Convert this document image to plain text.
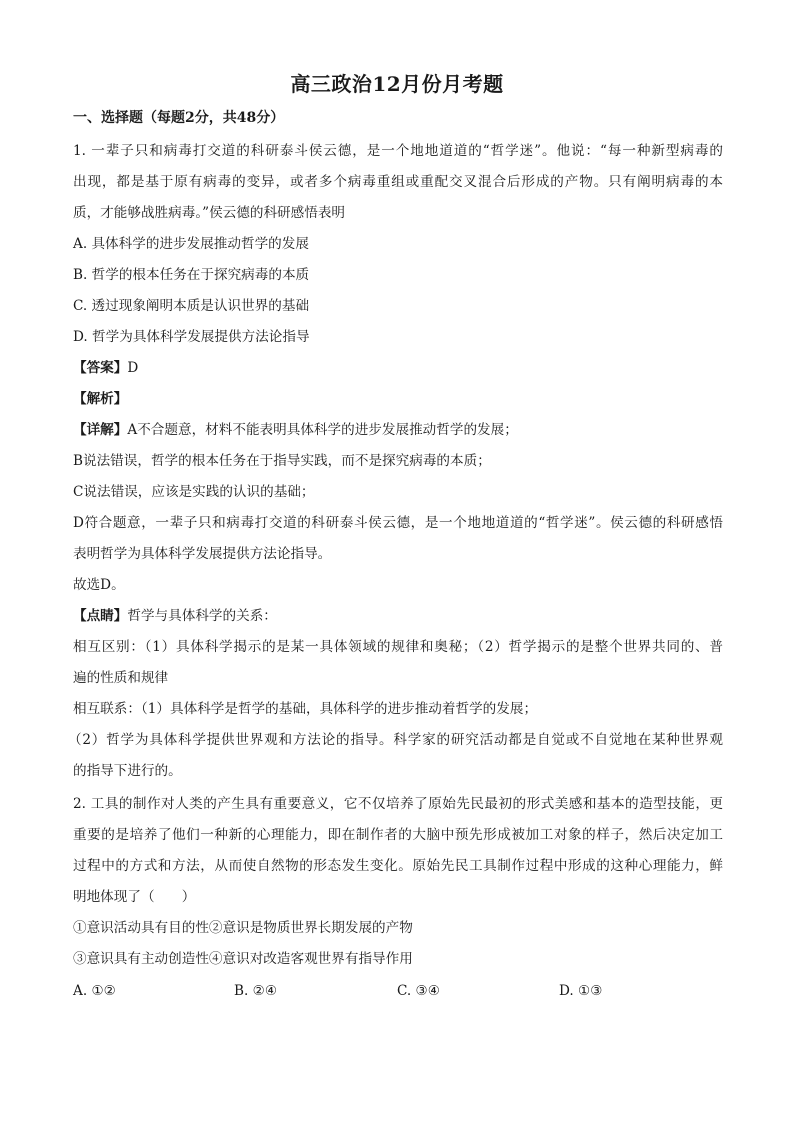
高三政治12月份月考题
一、选择题（每题2分，共48分）
1. 一辈子只和病毒打交道的科研泰斗侯云德，是一个地地道道的“哲学迷”。他说：“每一种新型病毒的
出现，都是基于原有病毒的变异，或者多个病毒重组或重配交叉混合后形成的产物。只有阐明病毒的本
质，才能够战胜病毒。”侯云德的科研感悟表明
A. 具体科学的进步发展推动哲学的发展
B. 哲学的根本任务在于探究病毒的本质
C. 透过现象阐明本质是认识世界的基础
D. 哲学为具体科学发展提供方法论指导
【答案】D
【解析】
【详解】A不合题意，材料不能表明具体科学的进步发展推动哲学的发展；
B说法错误，哲学的根本任务在于指导实践，而不是探究病毒的本质；
C说法错误，应该是实践的认识的基础；
D符合题意，一辈子只和病毒打交道的科研泰斗侯云德，是一个地地道道的“哲学迷”。侯云德的科研感悟
表明哲学为具体科学发展提供方法论指导。
故选D。
【点睛】哲学与具体科学的关系：
相互区别：（1）具体科学揭示的是某一具体领域的规律和奥秘；（2）哲学揭示的是整个世界共同的、普
遍的性质和规律
相互联系：（1）具体科学是哲学的基础，具体科学的进步推动着哲学的发展；
（2）哲学为具体科学提供世界观和方法论的指导。科学家的研究活动都是自觉或不自觉地在某种世界观
的指导下进行的。
2. 工具的制作对人类的产生具有重要意义，它不仅培养了原始先民最初的形式美感和基本的造型技能，更
重要的是培养了他们一种新的心理能力，即在制作者的大脑中预先形成被加工对象的样子，然后决定加工
过程中的方式和方法，从而使自然物的形态发生变化。原始先民工具制作过程中形成的这种心理能力，鲜
明地体现了（　　）
①意识活动具有目的性②意识是物质世界长期发展的产物
③意识具有主动创造性④意识对改造客观世界有指导作用
A. ①②	B. ②④	C. ③④	D. ①③
